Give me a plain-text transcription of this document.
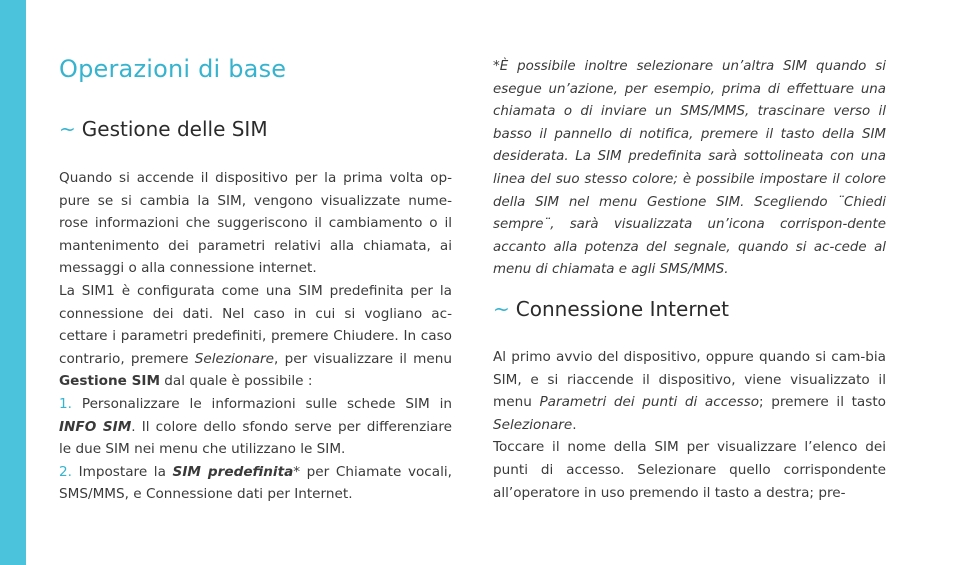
Operazioni di base
~ Gestione delle SIM

Quando si accende il dispositivo per la prima volta op-pure se si cambia la SIM, vengono visualizzate nume-rose informazioni che suggeriscono il cambiamento o il mantenimento dei parametri relativi alla chiamata, ai messaggi o alla connessione internet.

La SIM1 è configurata come una SIM predefinita per la connessione dei dati. Nel caso in cui si vogliano ac-cettare i parametri predefiniti, premere Chiudere. In caso contrario, premere Selezionare, per visualizzare il menu Gestione SIM dal quale è possibile :

1. Personalizzare le informazioni sulle schede SIM in INFO SIM. Il colore dello sfondo serve per differenziare le due SIM nei menu che utilizzano le SIM.

2. Impostare la SIM predefinita* per Chiamate vocali, SMS/MMS, e Connessione dati per Internet.

*È possibile inoltre selezionare un’altra SIM quando si esegue un’azione, per esempio, prima di effettuare una chiamata o di inviare un SMS/MMS, trascinare verso il basso il pannello di notifica, premere il tasto della SIM desiderata. La SIM predefinita sarà sottolineata con una linea del suo stesso colore; è possibile impostare il colore della SIM nel menu Gestione SIM. Scegliendo ¨Chiedi sempre¨, sarà visualizzata un’icona corrispon-dente accanto alla potenza del segnale, quando si ac-cede al menu di chiamata e agli SMS/MMS.
~ Connessione Internet

Al primo avvio del dispositivo, oppure quando si cam-bia SIM, e si riaccende il dispositivo, viene visualizzato il menu Parametri dei punti di accesso; premere il tasto Selezionare.

Toccare il nome della SIM per visualizzare l’elenco dei punti di accesso. Selezionare quello corrispondente all’operatore in uso premendo il tasto a destra; pre-
